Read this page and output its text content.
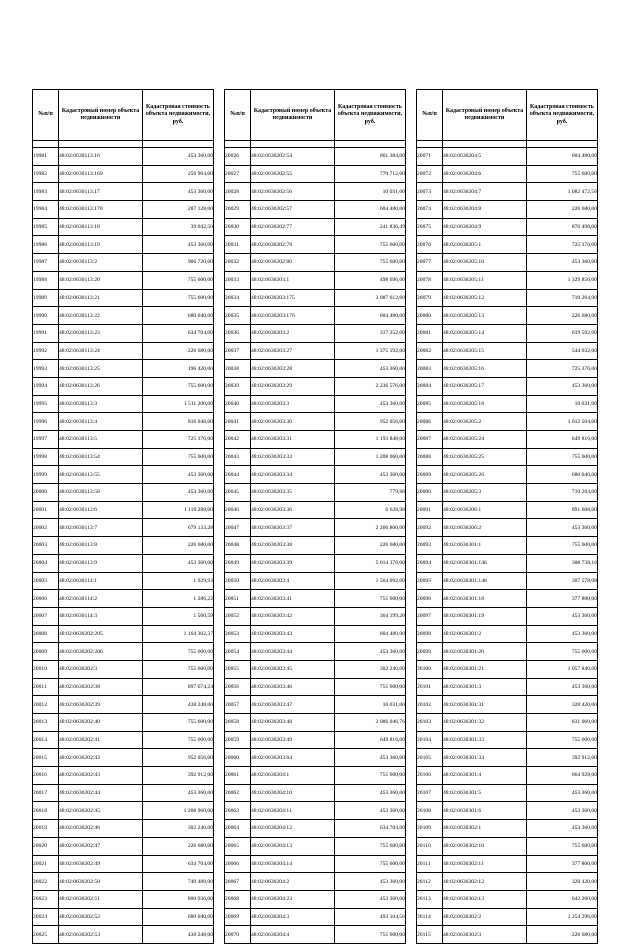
№п/п	Кадастровый номер объекта недвижимости	Кадастровая стоимость объекта недвижимости, руб.

19981	48:02:0630113:16	453 360,00
19982	48:02:0630113:169	256 904,00
19983	48:02:0630113:17	453 360,00
19984	48:02:0630113:170	287 128,00
19985	48:02:0630113:18	39 042,50
19986	48:02:0630113:19	453 360,00
19987	48:02:0630113:2	906 720,00
19988	48:02:0630113:20	755 600,00
19989	48:02:0630113:21	755 600,00
19990	48:02:0630113:22	680 040,00
19991	48:02:0630113:23	634 704,00
19992	48:02:0630113:24	226 680,00
19993	48:02:0630113:25	196 420,00
19994	48:02:0630113:26	755 600,00
19995	48:02:0630113:3	1 511 200,00
19996	48:02:0630113:4	816 048,00
19997	48:02:0630113:5	725 376,00
19998	48:02:0630113:54	755 600,00
19999	48:02:0630113:55	453 360,00
20000	48:02:0630113:58	453 360,00
20001	48:02:0630113:6	1 118 288,00
20002	48:02:0630113:7	679 133,28
20003	48:02:0630113:8	226 680,00
20004	48:02:0630113:9	453 360,00
20005	48:02:0630114:1	1 929,93
20006	48:02:0630114:2	1 286,22
20007	48:02:0630114:3	1 500,59
20008	48:02:0630202:205	1 164 302,37
20009	48:02:0630202:206	755 600,00
20010	48:02:0630202:3	755 600,00
20011	48:02:0630202:38	897 674,24
20012	48:02:0630202:39	438 248,00
20013	48:02:0630202:40	755 600,00
20014	48:02:0630202:41	755 600,00
20015	48:02:0630202:42	952 056,00
20016	48:02:0630202:43	392 912,00
20017	48:02:0630202:44	453 360,00
20018	48:02:0630202:45	1 208 960,00
20019	48:02:0630202:46	302 240,00
20020	48:02:0630202:47	226 680,00
20021	48:02:0630202:49	634 704,00
20022	48:02:0630202:50	740 488,00
20023	48:02:0630202:51	800 936,00
20024	48:02:0630202:52	680 040,00
20025	48:02:0630202:53	438 248,00
№п/п	Кадастровый номер объекта недвижимости	Кадастровая стоимость объекта недвижимости, руб.

20026	48:02:0630202:54	861 384,00
20027	48:02:0630202:55	770 712,00
20028	48:02:0630202:56	10 031,00
20029	48:02:0630202:57	604 480,00
20030	48:02:0630202:77	241 836,49
20031	48:02:0630202:78	755 600,00
20032	48:02:0630202:80	755 600,00
20033	48:02:0630203:1	498 696,00
20034	48:02:0630203:175	3 087 612,60
20035	48:02:0630203:176	604 480,00
20036	48:02:0630203:2	317 352,00
20037	48:02:0630203:27	1 375 192,00
20038	48:02:0630203:28	453 360,00
20039	48:02:0630203:29	2 236 576,00
20040	48:02:0630203:3	453 360,00
20041	48:02:0630203:30	952 056,00
20042	48:02:0630203:31	1 193 848,00
20043	48:02:0630203:33	1 208 060,00
20044	48:02:0630203:34	453 360,00
20045	48:02:0630203:35	779,88
20046	48:02:0630203:36	6 628,98
20047	48:02:0630203:37	2 266 800,00
20048	48:02:0630203:38	226 680,00
20049	48:02:0630203:39	5 014 376,00
20050	48:02:0630203:4	1 564 092,00
20051	48:02:0630203:41	755 600,00
20052	48:02:0630203:42	364 199,20
20053	48:02:0630203:43	604 480,00
20054	48:02:0630203:44	453 360,00
20055	48:02:0630203:45	302 240,00
20056	48:02:0630203:46	755 600,00
20057	48:02:0630203:47	10 031,00
20058	48:02:0630203:48	2 086 046,76
20059	48:02:0630203:49	649 816,00
20060	48:02:0630203:64	453 360,00
20061	48:02:0630204:1	755 600,00
20062	48:02:0630204:10	453 360,00
20063	48:02:0630204:11	453 360,00
20064	48:02:0630204:12	634 704,00
20065	48:02:0630204:13	755 600,00
20066	48:02:0630204:14	755 600,00
20067	48:02:0630204:2	453 360,00
20068	48:02:0630204:23	453 360,00
20069	48:02:0630204:3	493 104,56
20070	48:02:0630204:4	755 600,00
№п/п	Кадастровый номер объекта недвижимости	Кадастровая стоимость объекта недвижимости, руб.

20071	48:02:0630204:5	604 480,00
20072	48:02:0630204:6	755 600,00
20073	48:02:0630204:7	1 082 472,56
20074	48:02:0630204:8	226 680,00
20075	48:02:0630204:9	876 496,00
20076	48:02:0630205:1	725 376,00
20077	48:02:0630205:10	453 360,00
20078	48:02:0630205:11	1 329 856,00
20079	48:02:0630205:12	710 264,00
20080	48:02:0630205:13	226 680,00
20081	48:02:0630205:14	619 592,00
20082	48:02:0630205:15	544 032,00
20083	48:02:0630205:16	725 376,00
20084	48:02:0630205:17	453 360,00
20085	48:02:0630205:18	10 031,00
20086	48:02:0630205:2	1 012 504,00
20087	48:02:0630205:24	649 816,00
20088	48:02:0630205:25	755 600,00
20089	48:02:0630205:26	680 040,00
20090	48:02:0630205:3	710 264,00
20091	48:02:0630206:1	891 608,00
20092	48:02:0630206:2	453 360,00
20093	48:02:0630301:1	755 600,00
20094	48:02:0630301:146	308 738,16
20095	48:02:0630301:148	307 578,08
20096	48:02:0630301:18	377 800,00
20097	48:02:0630301:19	453 360,00
20098	48:02:0630301:2	453 360,00
20099	48:02:0630301:20	755 600,00
20100	48:02:0630301:21	1 057 840,00
20101	48:02:0630301:3	453 360,00
20102	48:02:0630301:31	328 420,00
20103	48:02:0630301:32	831 060,00
20104	48:02:0630301:33	755 600,00
20105	48:02:0630301:34	392 912,00
20106	48:02:0630301:4	664 928,00
20107	48:02:0630301:5	453 360,00
20108	48:02:0630301:6	453 360,00
20109	48:02:0630302:1	453 360,00
20110	48:02:0630302:10	755 600,00
20111	48:02:0630302:11	377 800,00
20112	48:02:0630302:12	328 420,00
20113	48:02:0630302:13	642 260,00
20114	48:02:0630302:2	1 254 296,00
20115	48:02:0630302:3	226 680,00
